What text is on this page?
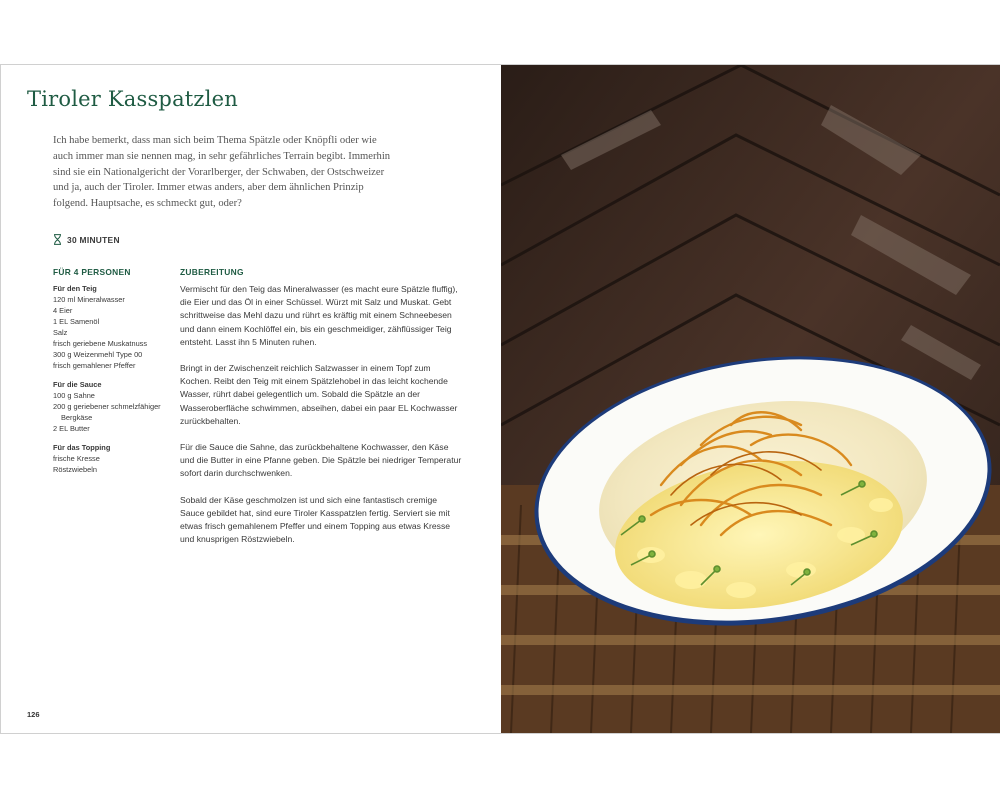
Tiroler Kasspatzlen

Ich habe bemerkt, dass man sich beim Thema Spätzle oder Knöpfli oder wie auch immer man sie nennen mag, in sehr gefährliches Terrain begibt. Immerhin sind sie ein Nationalgericht der Vorarlberger, der Schwaben, der Ostschweizer und ja, auch der Tiroler. Immer etwas anders, aber dem ähnlichen Prinzip folgend. Hauptsache, es schmeckt gut, oder?

30 MINUTEN
FÜR 4 PERSONEN
Für den Teig
120 ml Mineralwasser
4 Eier
1 EL Samenöl
Salz
frisch geriebene Muskatnuss
300 g Weizenmehl Type 00
frisch gemahlener Pfeffer
Für die Sauce
100 g Sahne
200 g geriebener schmelzfähiger
Bergkäse
2 EL Butter
Für das Topping
frische Kresse
Röstzwiebeln
ZUBEREITUNG

Vermischt für den Teig das Mineralwasser (es macht eure Spätzle fluffig), die Eier und das Öl in einer Schüssel. Würzt mit Salz und Muskat. Gebt schrittweise das Mehl dazu und rührt es kräftig mit einem Schneebesen und dann einem Kochlöffel ein, bis ein geschmeidiger, zähflüssiger Teig entsteht. Lasst ihn 5 Minuten ruhen.

Bringt in der Zwischenzeit reichlich Salzwasser in einem Topf zum Kochen. Reibt den Teig mit einem Spätzlehobel in das leicht kochende Wasser, rührt dabei gelegentlich um. Sobald die Spätzle an der Wasseroberfläche schwimmen, abseihen, dabei ein paar EL Kochwasser zurückbehalten.

Für die Sauce die Sahne, das zurückbehaltene Kochwasser, den Käse und die Butter in eine Pfanne geben. Die Spätzle bei niedriger Temperatur sofort darin durchschwenken.

Sobald der Käse geschmolzen ist und sich eine fantastisch cremige Sauce gebildet hat, sind eure Tiroler Kasspatzlen fertig. Serviert sie mit etwas frisch gemahlenem Pfeffer und einem Topping aus etwas Kresse und knusprigen Röstzwiebeln.

126
